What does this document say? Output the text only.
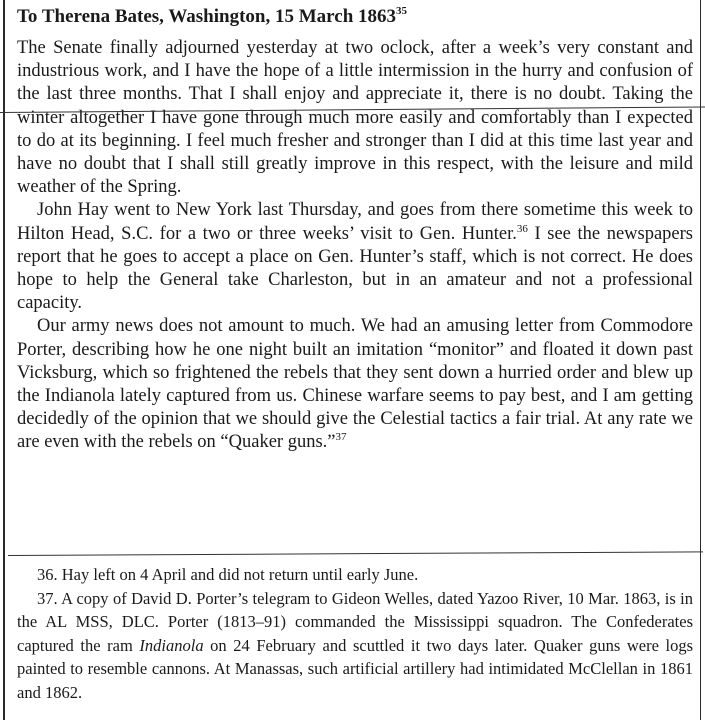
To Therena Bates, Washington, 15 March 1863$^{35}$

The Senate finally adjourned yesterday at two oclock, after a week’s very constant and industrious work, and I have the hope of a little intermission in the hurry and confusion of the last three months. That I shall enjoy and appreciate it, there is no doubt. Taking the winter altogether I have gone through much more easily and comfortably than I expected to do at its beginning. I feel much fresher and stronger than I did at this time last year and have no doubt that I shall still greatly improve in this respect, with the leisure and mild weather of the Spring.

John Hay went to New York last Thursday, and goes from there sometime this week to Hilton Head, S.C. for a two or three weeks’ visit to Gen. Hunter.$^{36}$ I see the newspapers report that he goes to accept a place on Gen. Hunter’s staff, which is not correct. He does hope to help the General take Charleston, but in an amateur and not a professional capacity.

Our army news does not amount to much. We had an amusing letter from Commodore Porter, describing how he one night built an imitation “monitor” and floated it down past Vicksburg, which so frightened the rebels that they sent down a hurried order and blew up the Indianola lately captured from us. Chinese warfare seems to pay best, and I am getting decidedly of the opinion that we should give the Celestial tactics a fair trial. At any rate we are even with the rebels on “Quaker guns.”$^{37}$

36. Hay left on 4 April and did not return until early June.

37. A copy of David D. Porter’s telegram to Gideon Welles, dated Yazoo River, 10 Mar. 1863, is in the AL MSS, DLC. Porter (1813–91) commanded the Mississippi squadron. The Confederates captured the ram Indianola on 24 February and scuttled it two days later. Quaker guns were logs painted to resemble cannons. At Manassas, such artificial artillery had intimidated McClellan in 1861 and 1862.
